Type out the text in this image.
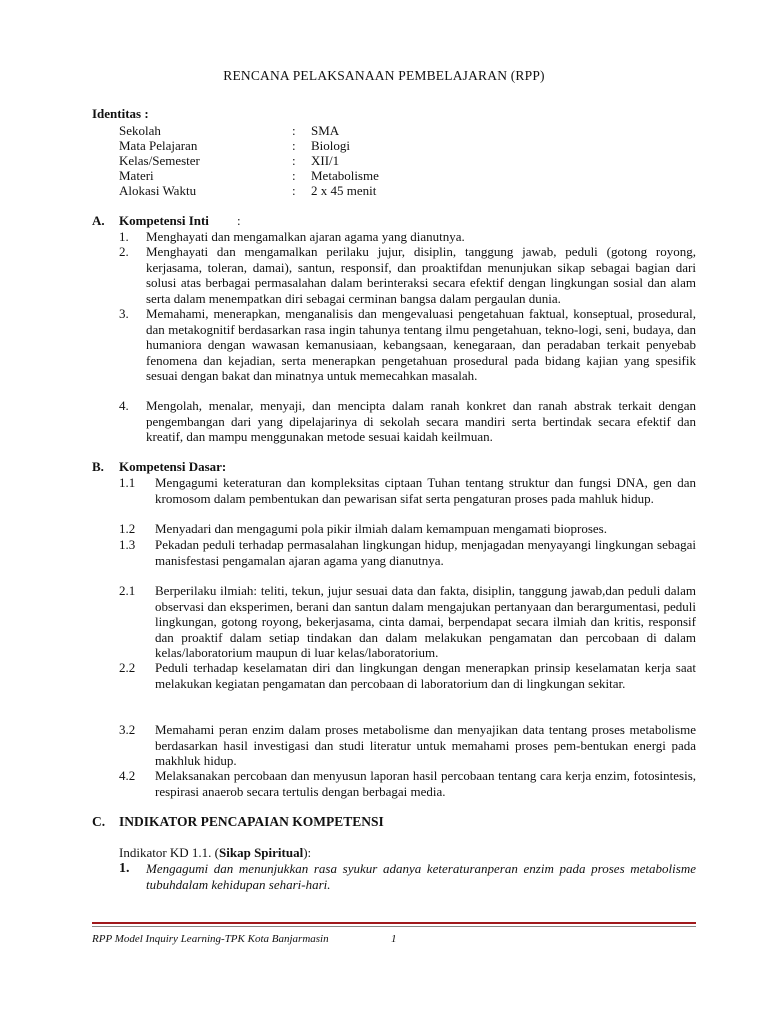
RENCANA PELAKSANAAN PEMBELAJARAN (RPP)
Identitas :
Sekolah	: SMA
Mata Pelajaran	: Biologi
Kelas/Semester	: XII/1
Materi	: Metabolisme
Alokasi Waktu	: 2 x 45 menit
A. Kompetensi Inti :
1. Menghayati dan mengamalkan ajaran agama yang dianutnya.
2. Menghayati dan mengamalkan perilaku jujur, disiplin, tanggung jawab, peduli (gotong royong, kerjasama, toleran, damai), santun, responsif, dan proaktifdan menunjukan sikap sebagai bagian dari solusi atas berbagai permasalahan dalam berinteraksi secara efektif dengan lingkungan sosial dan alam serta dalam menempatkan diri sebagai cerminan bangsa dalam pergaulan dunia.
3. Memahami, menerapkan, menganalisis dan mengevaluasi pengetahuan faktual, konseptual, prosedural, dan metakognitif berdasarkan rasa ingin tahunya tentang ilmu pengetahuan, tekno-logi, seni, budaya, dan humaniora dengan wawasan kemanusiaan, kebangsaan, kenegaraan, dan peradaban terkait penyebab fenomena dan kejadian, serta menerapkan pengetahuan prosedural pada bidang kajian yang spesifik sesuai dengan bakat dan minatnya untuk memecahkan masalah.
4. Mengolah, menalar, menyaji, dan mencipta dalam ranah konkret dan ranah abstrak terkait dengan pengembangan dari yang dipelajarinya di sekolah secara mandiri serta bertindak secara efektif dan kreatif, dan mampu menggunakan metode sesuai kaidah keilmuan.
B. Kompetensi Dasar:
1.1 Mengagumi keteraturan dan kompleksitas ciptaan Tuhan tentang struktur dan fungsi DNA, gen dan kromosom dalam pembentukan dan pewarisan sifat serta pengaturan proses pada mahluk hidup.
1.2 Menyadari dan mengagumi pola pikir ilmiah dalam kemampuan mengamati bioproses.
1.3 Pekadan peduli terhadap permasalahan lingkungan hidup, menjagadan menyayangi lingkungan sebagai manisfestasi pengamalan ajaran agama yang dianutnya.
2.1 Berperilaku ilmiah: teliti, tekun, jujur sesuai data dan fakta, disiplin, tanggung jawab,dan peduli dalam observasi dan eksperimen, berani dan santun dalam mengajukan pertanyaan dan berargumentasi, peduli lingkungan, gotong royong, bekerjasama, cinta damai, berpendapat secara ilmiah dan kritis, responsif dan proaktif dalam setiap tindakan dan dalam melakukan pengamatan dan percobaan di dalam kelas/laboratorium maupun di luar kelas/laboratorium.
2.2 Peduli terhadap keselamatan diri dan lingkungan dengan menerapkan prinsip keselamatan kerja saat melakukan kegiatan pengamatan dan percobaan di laboratorium dan di lingkungan sekitar.
3.2 Memahami peran enzim dalam proses metabolisme dan menyajikan data tentang proses metabolisme berdasarkan hasil investigasi dan studi literatur untuk memahami proses pem-bentukan energi pada makhluk hidup.
4.2 Melaksanakan percobaan dan menyusun laporan hasil percobaan tentang cara kerja enzim, fotosintesis, respirasi anaerob secara tertulis dengan berbagai media.
C. INDIKATOR PENCAPAIAN KOMPETENSI
Indikator KD 1.1. (Sikap Spiritual):
1. Mengagumi dan menunjukkan rasa syukur adanya keteraturanperan enzim pada proses metabolisme tubuhdalam kehidupan sehari-hari.
RPP Model Inquiry Learning-TPK Kota Banjarmasin	1
